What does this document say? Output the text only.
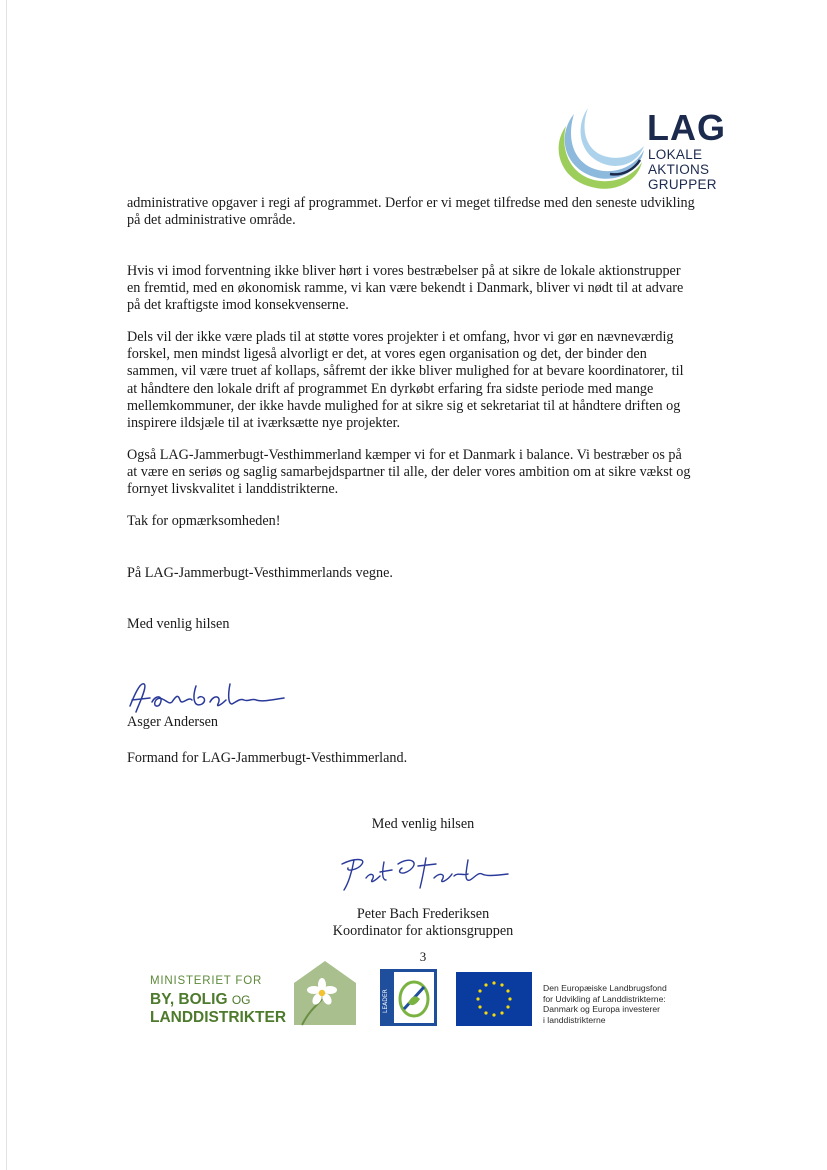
LAG
LOKALE
AKTIONS
GRUPPER

administrative opgaver i regi af programmet. Derfor er vi meget tilfredse med den seneste udvikling
på det administrative område.

Hvis vi imod forventning ikke bliver hørt i vores bestræbelser på at sikre de lokale aktionstrupper
en fremtid, med en økonomisk ramme, vi kan være bekendt i Danmark, bliver vi nødt til at advare
på det kraftigste imod konsekvenserne.

Dels vil der ikke være plads til at støtte vores projekter i et omfang, hvor vi gør en nævneværdig
forskel, men mindst ligeså alvorligt er det, at vores egen organisation og det, der binder den
sammen, vil være truet af kollaps, såfremt der ikke bliver mulighed for at bevare koordinatorer, til
at håndtere den lokale drift af programmet En dyrkøbt erfaring fra sidste periode med mange
mellemkommuner, der ikke havde mulighed for at sikre sig et sekretariat til at håndtere driften og
inspirere ildsjæle til at iværksætte nye projekter.

Også LAG-Jammerbugt-Vesthimmerland kæmper vi for et Danmark i balance. Vi bestræber os på
at være en seriøs og saglig samarbejdspartner til alle, der deler vores ambition om at sikre vækst og
fornyet livskvalitet i landdistrikterne.

Tak for opmærksomheden!

På LAG-Jammerbugt-Vesthimmerlands vegne.

Med venlig hilsen

Asger Andersen

Formand for LAG-Jammerbugt-Vesthimmerland.

Med venlig hilsen

Peter Bach Frederiksen

Koordinator for aktionsgruppen

3

MINISTERIET FOR
BY, BOLIG OG
LANDDISTRIKTER
LEADER
Den Europæiske Landbrugsfond
for Udvikling af Landdistrikterne:
Danmark og Europa investerer
i landdistrikterne
